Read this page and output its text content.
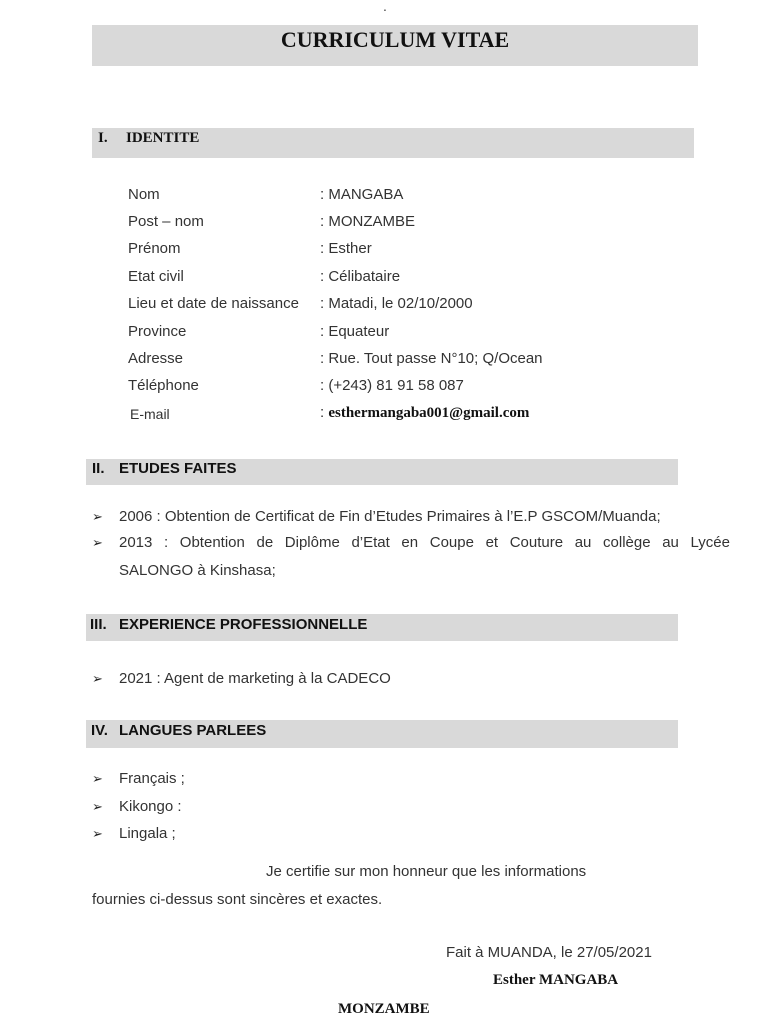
.
CURRICULUM VITAE
I. IDENTITE
Nom	: MANGABA
Post – nom	: MONZAMBE
Prénom	: Esther
Etat civil	: Célibataire
Lieu et date de naissance : Matadi, le 02/10/2000
Province	: Equateur
Adresse	: Rue. Tout passe N°10; Q/Ocean
Téléphone	: (+243) 81 91 58 087
E-mail	: esthermangaba001@gmail.com
II. ETUDES FAITES
➢ 2006 : Obtention de Certificat de Fin d’Etudes Primaires à l’E.P GSCOM/Muanda;
➢ 2013 : Obtention de Diplôme d’Etat en Coupe et Couture au collège au Lycée
SALONGO à Kinshasa;
III. EXPERIENCE PROFESSIONNELLE
➢ 2021 : Agent de marketing à la CADECO
IV. LANGUES PARLEES
➢ Français ;
➢ Kikongo :
➢ Lingala ;
Je certifie sur mon honneur que les informations
fournies ci-dessus sont sincères et exactes.
Fait à MUANDA, le 27/05/2021
Esther MANGABA
MONZAMBE
